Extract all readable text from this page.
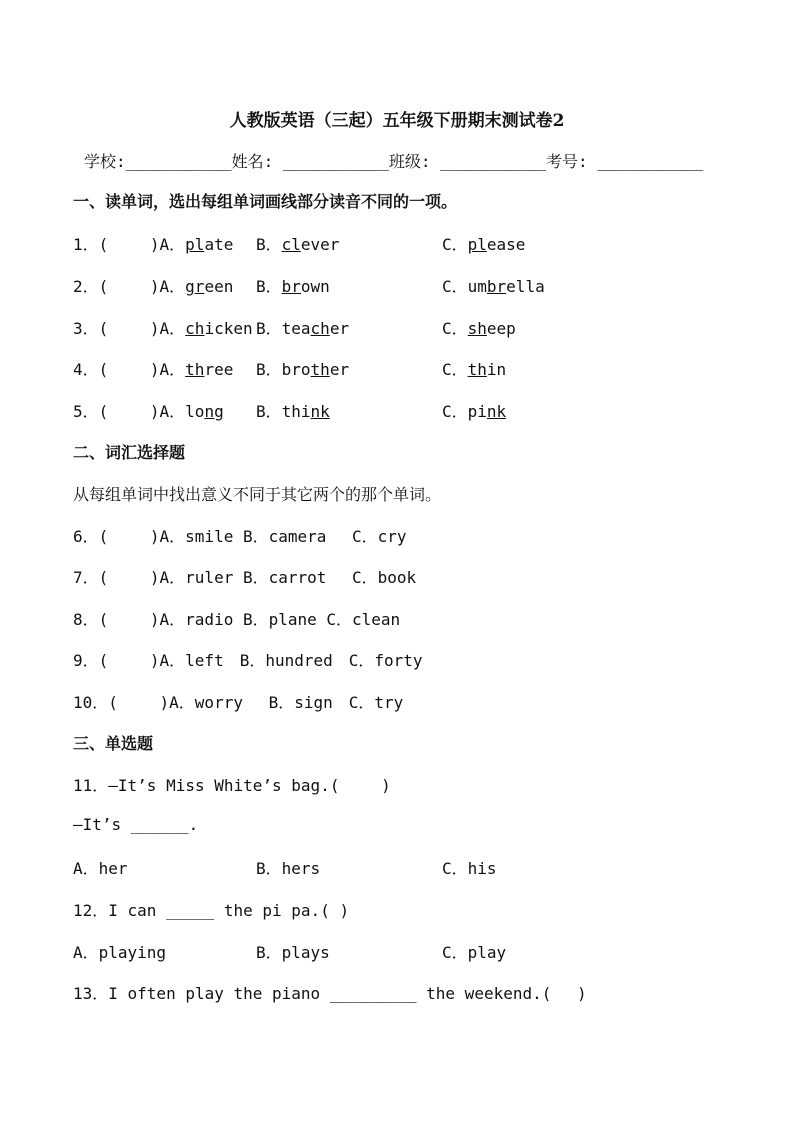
人教版英语（三起）五年级下册期末测试卷2
学校:___________姓名: ___________班级: ___________考号: ___________
一、读单词，选出每组单词画线部分读音不同的一项。
1．(　 　)A．plate B．clever	C．please
2．(　 　)A．green B．brown	C．umbrella
3．(　 　)A．chicken B．teacher	C．sheep
4．(　 　)A．three B．brother	C．thin
5．(　 　)A．long B．think	C．pink
二、词汇选择题
从每组单词中找出意义不同于其它两个的那个单词。
6．(　 　)A．smile B．camera　 C．cry
7．(　 　)A．ruler B．carrot　 C．book
8．(　 　)A．radio B．plane C．clean
9．(　 　)A．left　B．hundred　C．forty
10．(　 　)A．worry　 B．sign　C．try
三、单选题
11．—It’s Miss White’s bag.(　 　)
—It’s ______.
A．her	B．hers	C．his
12．I can _____ the pi pa.( )
A．playing	B．plays	C．play
13．I often play the piano _________ the weekend.(　 )
